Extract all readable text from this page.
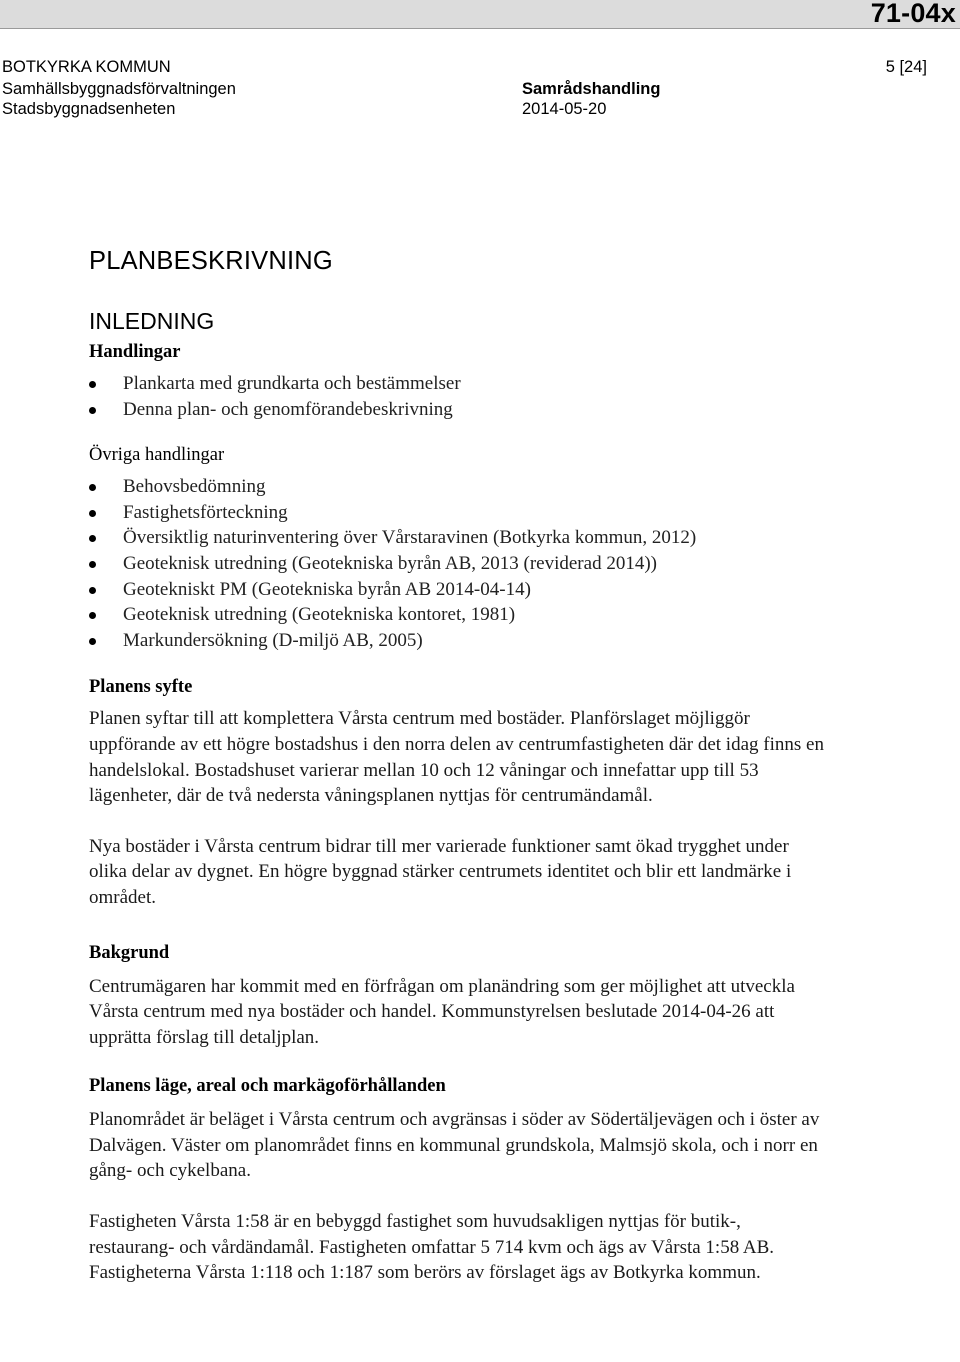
71-04x
BOTKYRKA KOMMUN
Samhällsbyggnadsförvaltningen
Stadsbyggnadsenheten
Samrådshandling
2014-05-20
5 [24]
PLANBESKRIVNING
INLEDNING
Handlingar
Plankarta med grundkarta och bestämmelser
Denna plan- och genomförandebeskrivning
Övriga handlingar
Behovsbedömning
Fastighetsförteckning
Översiktlig naturinventering över Vårstaravinen (Botkyrka kommun, 2012)
Geoteknisk utredning (Geotekniska byrån AB, 2013 (reviderad 2014))
Geotekniskt PM (Geotekniska byrån AB 2014-04-14)
Geoteknisk utredning (Geotekniska kontoret, 1981)
Markundersökning (D-miljö AB, 2005)
Planens syfte

Planen syftar till att komplettera Vårsta centrum med bostäder. Planförslaget möjliggör uppförande av ett högre bostadshus i den norra delen av centrumfastigheten där det idag finns en handelslokal. Bostadshuset varierar mellan 10 och 12 våningar och innefattar upp till 53 lägenheter, där de två nedersta våningsplanen nyttjas för centrumändamål.

Nya bostäder i Vårsta centrum bidrar till mer varierade funktioner samt ökad trygghet under olika delar av dygnet. En högre byggnad stärker centrumets identitet och blir ett landmärke i området.

Bakgrund

Centrumägaren har kommit med en förfrågan om planändring som ger möjlighet att utveckla Vårsta centrum med nya bostäder och handel. Kommunstyrelsen beslutade 2014-04-26 att upprätta förslag till detaljplan.

Planens läge, areal och markägoförhållanden

Planområdet är beläget i Vårsta centrum och avgränsas i söder av Södertäljevägen och i öster av Dalvägen. Väster om planområdet finns en kommunal grundskola, Malmsjö skola, och i norr en gång- och cykelbana.

Fastigheten Vårsta 1:58 är en bebyggd fastighet som huvudsakligen nyttjas för butik-, restaurang- och vårdändamål. Fastigheten omfattar 5 714 kvm och ägs av Vårsta 1:58 AB. Fastigheterna Vårsta 1:118 och 1:187 som berörs av förslaget ägs av Botkyrka kommun.
